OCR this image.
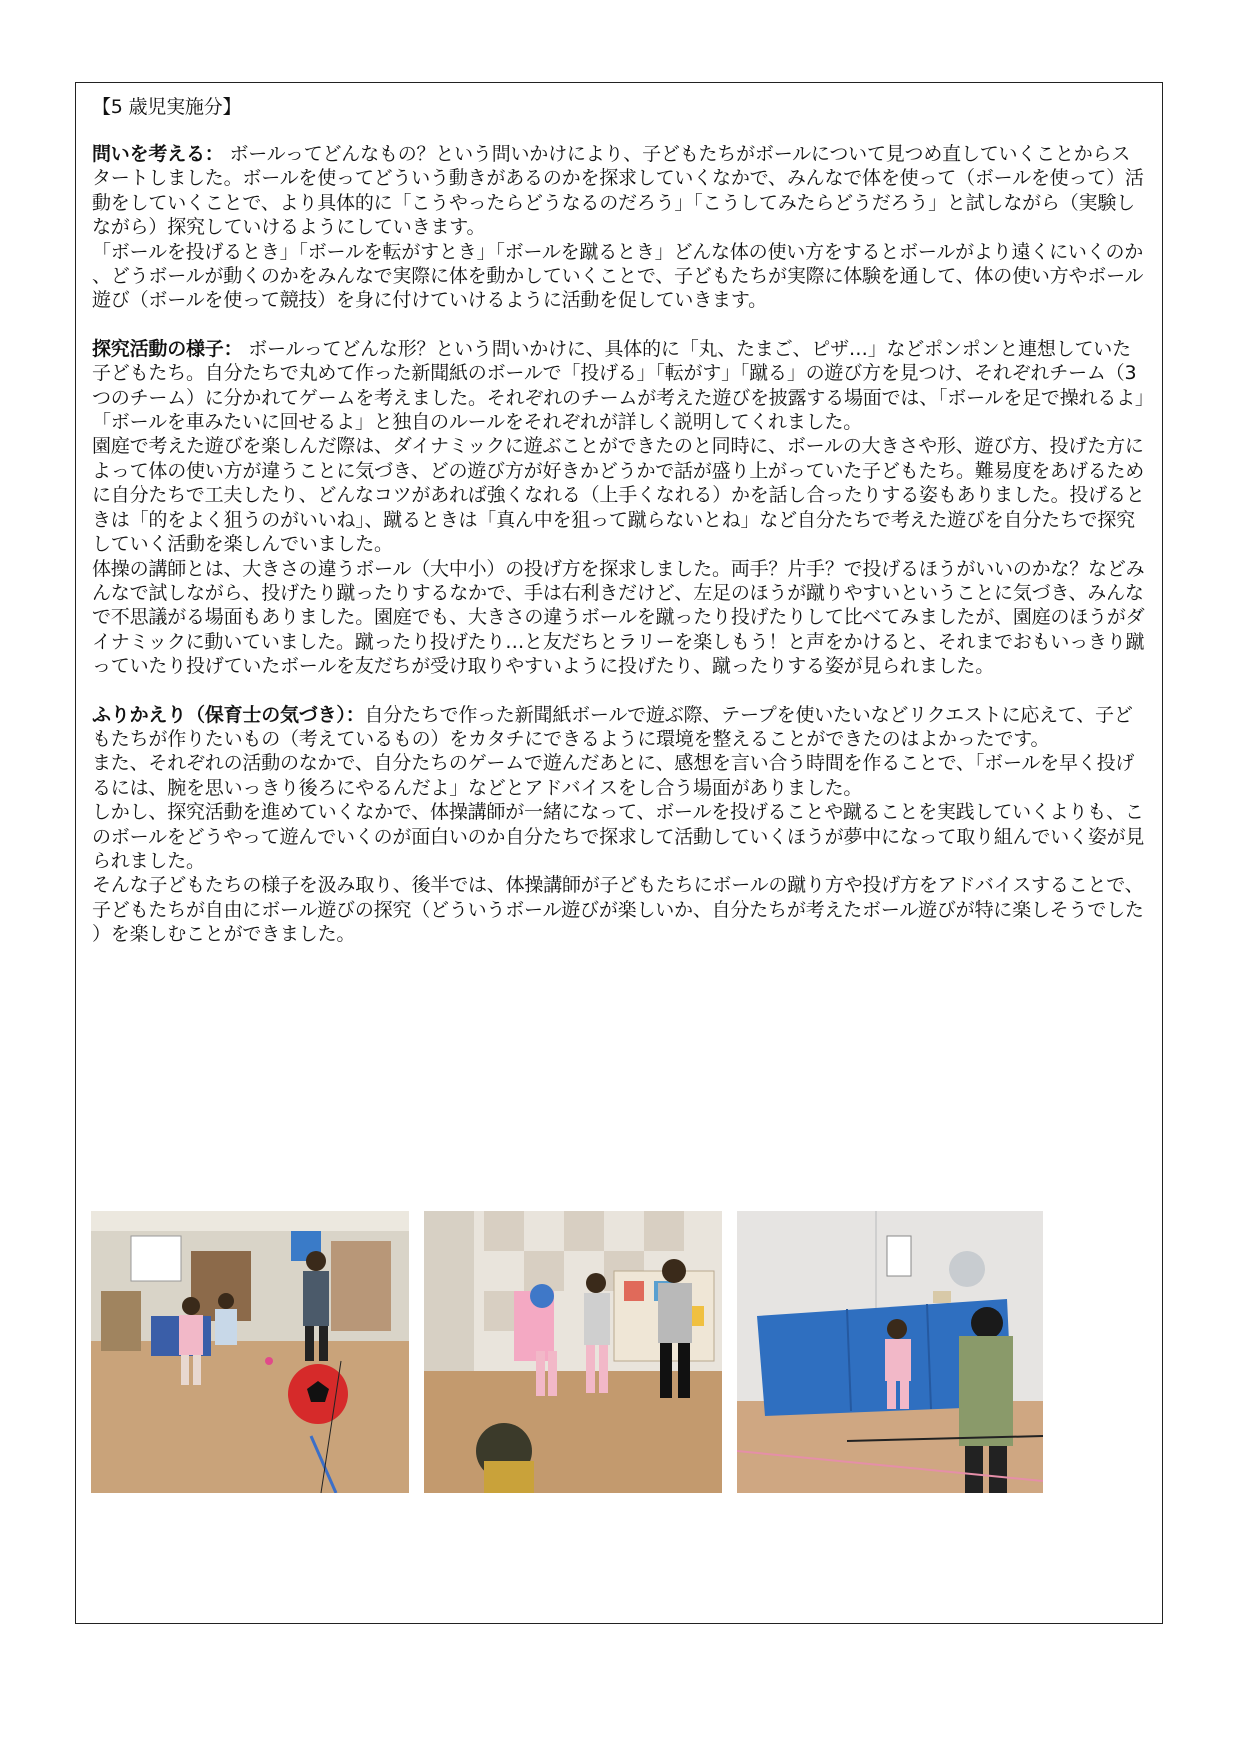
【5 歳児実施分】

問いを考える： ボールってどんなもの？という問いかけにより、子どもたちがボールについて見つめ直していくことからスタートしました。ボールを使ってどういう動きがあるのかを探求していくなかで、みんなで体を使って（ボールを使って）活動をしていくことで、より具体的に「こうやったらどうなるのだろう」「こうしてみたらどうだろう」と試しながら（実験しながら）探究していけるようにしていきます。

「ボールを投げるとき」「ボールを転がすとき」「ボールを蹴るとき」どんな体の使い方をするとボールがより遠くにいくのか、どうボールが動くのかをみんなで実際に体を動かしていくことで、子どもたちが実際に体験を通して、体の使い方やボール遊び（ボールを使って競技）を身に付けていけるように活動を促していきます。

探究活動の様子： ボールってどんな形？という問いかけに、具体的に「丸、たまご、ピザ…」などポンポンと連想していた子どもたち。自分たちで丸めて作った新聞紙のボールで「投げる」「転がす」「蹴る」の遊び方を見つけ、それぞれチーム（3つのチーム）に分かれてゲームを考えました。それぞれのチームが考えた遊びを披露する場面では、「ボールを足で操れるよ」「ボールを車みたいに回せるよ」と独自のルールをそれぞれが詳しく説明してくれました。

園庭で考えた遊びを楽しんだ際は、ダイナミックに遊ぶことができたのと同時に、ボールの大きさや形、遊び方、投げた方によって体の使い方が違うことに気づき、どの遊び方が好きかどうかで話が盛り上がっていた子どもたち。難易度をあげるために自分たちで工夫したり、どんなコツがあれば強くなれる（上手くなれる）かを話し合ったりする姿もありました。投げるときは「的をよく狙うのがいいね」、蹴るときは「真ん中を狙って蹴らないとね」など自分たちで考えた遊びを自分たちで探究していく活動を楽しんでいました。

体操の講師とは、大きさの違うボール（大中小）の投げ方を探求しました。両手？片手？で投げるほうがいいのかな？などみんなで試しながら、投げたり蹴ったりするなかで、手は右利きだけど、左足のほうが蹴りやすいということに気づき、みんなで不思議がる場面もありました。園庭でも、大きさの違うボールを蹴ったり投げたりして比べてみましたが、園庭のほうがダイナミックに動いていました。蹴ったり投げたり…と友だちとラリーを楽しもう！と声をかけると、それまでおもいっきり蹴っていたり投げていたボールを友だちが受け取りやすいように投げたり、蹴ったりする姿が見られました。

ふりかえり（保育士の気づき）：自分たちで作った新聞紙ボールで遊ぶ際、テープを使いたいなどリクエストに応えて、子どもたちが作りたいもの（考えているもの）をカタチにできるように環境を整えることができたのはよかったです。

また、それぞれの活動のなかで、自分たちのゲームで遊んだあとに、感想を言い合う時間を作ることで、「ボールを早く投げるには、腕を思いっきり後ろにやるんだよ」などとアドバイスをし合う場面がありました。

しかし、探究活動を進めていくなかで、体操講師が一緒になって、ボールを投げることや蹴ることを実践していくよりも、このボールをどうやって遊んでいくのが面白いのか自分たちで探求して活動していくほうが夢中になって取り組んでいく姿が見られました。

そんな子どもたちの様子を汲み取り、後半では、体操講師が子どもたちにボールの蹴り方や投げ方をアドバイスすることで、子どもたちが自由にボール遊びの探究（どういうボール遊びが楽しいか、自分たちが考えたボール遊びが特に楽しそうでした）を楽しむことができました。
